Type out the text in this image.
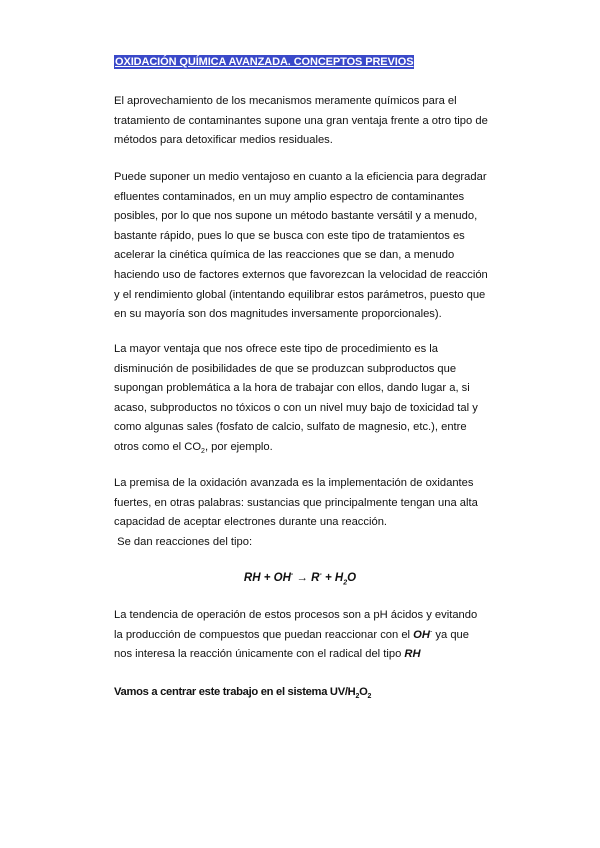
OXIDACIÓN QUÍMICA AVANZADA. CONCEPTOS PREVIOS

El aprovechamiento de los mecanismos meramente químicos para el
tratamiento de contaminantes supone una gran ventaja frente a otro tipo de
métodos para detoxificar medios residuales.

Puede suponer un medio ventajoso en cuanto a la eficiencia para degradar
efluentes contaminados, en un muy amplio espectro de contaminantes
posibles, por lo que nos supone un método bastante versátil y a menudo,
bastante rápido, pues lo que se busca con este tipo de tratamientos es
acelerar la cinética química de las reacciones que se dan, a menudo
haciendo uso de factores externos que favorezcan la velocidad de reacción
y el rendimiento global (intentando equilibrar estos parámetros, puesto que
en su mayoría son dos magnitudes inversamente proporcionales).

La mayor ventaja que nos ofrece este tipo de procedimiento es la
disminución de posibilidades de que se produzcan subproductos que
supongan problemática a la hora de trabajar con ellos, dando lugar a, si
acaso, subproductos no tóxicos o con un nivel muy bajo de toxicidad tal y
como algunas sales (fosfato de calcio, sulfato de magnesio, etc.), entre
otros como el $CO_2$, por ejemplo.

La premisa de la oxidación avanzada es la implementación de oxidantes
fuertes, en otras palabras: sustancias que principalmente tengan una alta
capacidad de aceptar electrones durante una reacción.
Se dan reacciones del tipo:

RH + $OH^- \to R^- + H_2O$

La tendencia de operación de estos procesos son a pH ácidos y evitando
la producción de compuestos que puedan reaccionar con el OH- ya que
nos interesa la reacción únicamente con el radical del tipo RH

Vamos a centrar este trabajo en el sistema $UV/H_2O_2$
